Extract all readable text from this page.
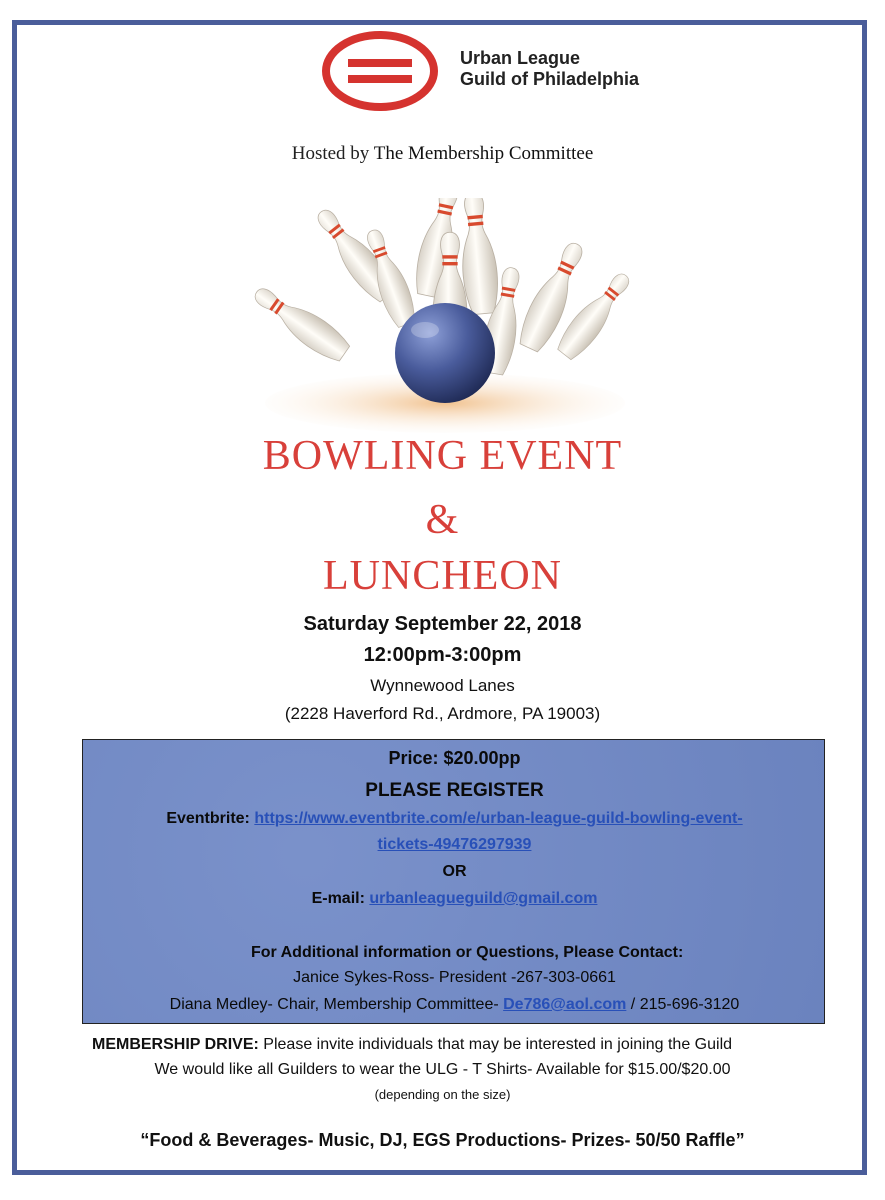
Urban League
Guild of Philadelphia
Hosted by The Membership Committee
BOWLING EVENT
&
LUNCHEON
Saturday September 22, 2018
12:00pm-3:00pm
Wynnewood Lanes
(2228 Haverford Rd., Ardmore, PA 19003)
Price: $20.00pp
PLEASE REGISTER
Eventbrite: https://www.eventbrite.com/e/urban-league-guild-bowling-event-
tickets-49476297939
OR
E-mail: urbanleagueguild@gmail.com
For Additional information or Questions, Please Contact:
Janice Sykes-Ross- President -267-303-0661
Diana Medley- Chair, Membership Committee- De786@aol.com / 215-696-3120
MEMBERSHIP DRIVE: Please invite individuals that may be interested in joining the Guild
We would like all Guilders to wear the ULG - T Shirts- Available for $15.00/$20.00
(depending on the size)
“Food & Beverages- Music, DJ, EGS Productions- Prizes- 50/50 Raffle”
